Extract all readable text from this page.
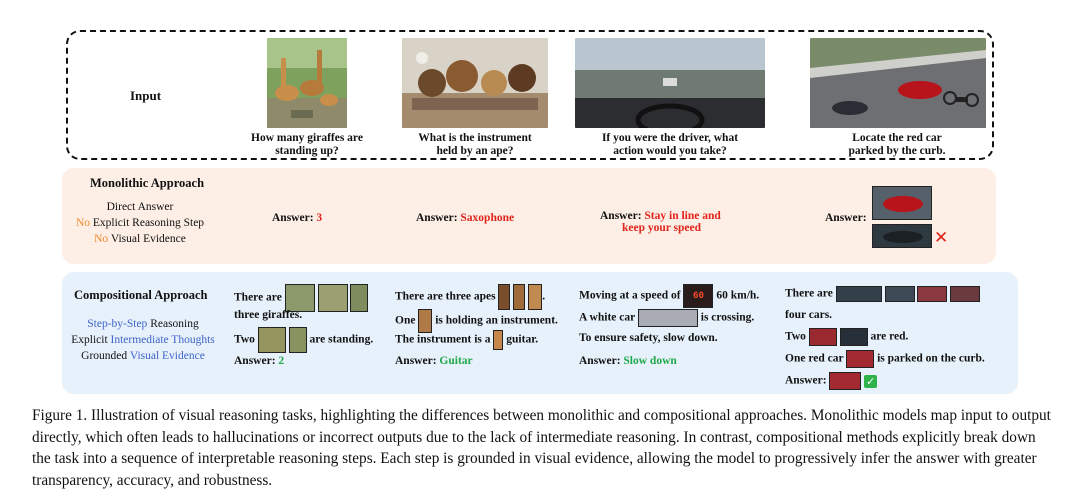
Input
How many giraffes are
standing up?
What is the instrument
held by an ape?
If you were the driver, what
action would you take?
Locate the red car
parked by the curb.
Monolithic Approach
Direct Answer
No Explicit Reasoning Step
No Visual Evidence
Answer: 3	Answer: Saxophone	Answer: Stay in line and
keep your speed
Answer:
✕
Compositional Approach
Step-by-Step Reasoning
Explicit Intermediate Thoughts
Grounded Visual Evidence
There are
three giraffes.
Two	are standing.
Answer: 2
There are three apes	.
One is holding an instrument.
The instrument is a guitar.
Answer: Guitar
Moving at a speed of 60 60 km/h.
A white car	is crossing.
To ensure safety, slow down.
Answer: Slow down
There are
four cars.
Two	are red.
One red car	is parked on the curb.
Answer:	✓
Figure 1. Illustration of visual reasoning tasks, highlighting the differences between monolithic and compositional approaches. Monolithic models map input to output directly, which often leads to hallucinations or incorrect outputs due to the lack of intermediate reasoning. In contrast, compositional methods explicitly break down the task into a sequence of interpretable reasoning steps. Each step is grounded in visual evidence, allowing the model to progressively infer the answer with greater transparency, accuracy, and robustness.
